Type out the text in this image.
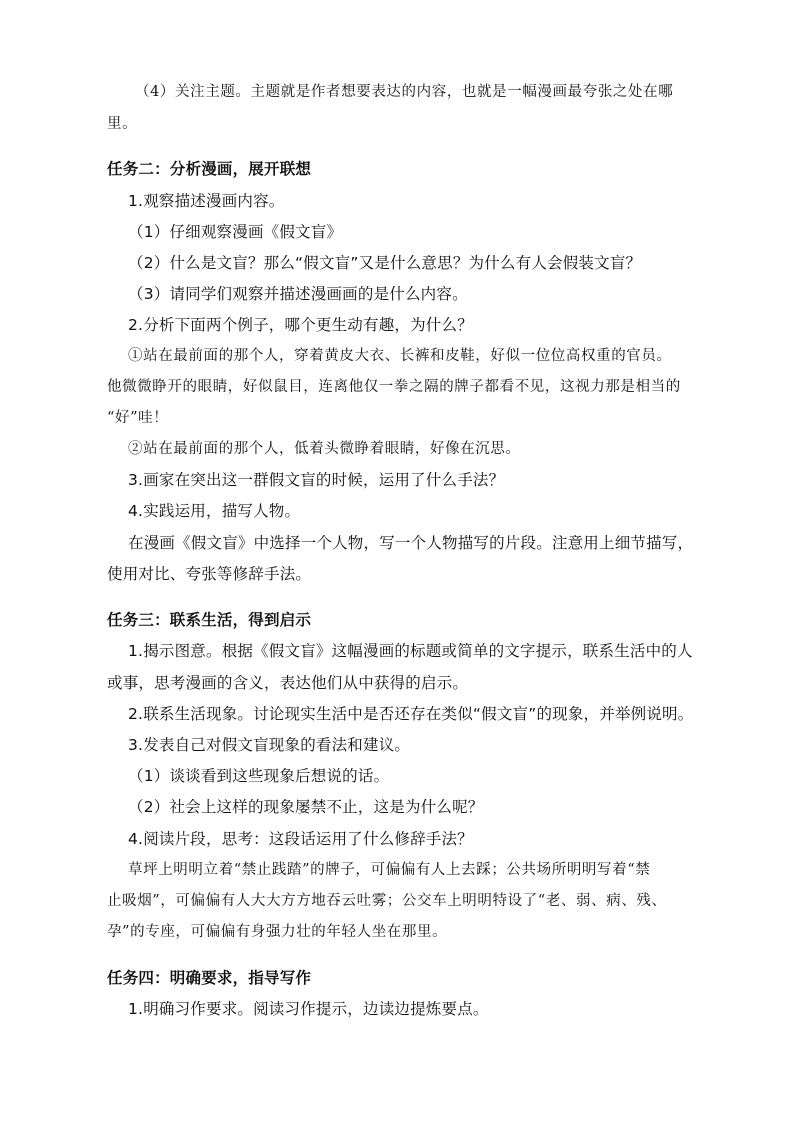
（4）关注主题。主题就是作者想要表达的内容，也就是一幅漫画最夸张之处在哪
里。
任务二：分析漫画，展开联想
1.观察描述漫画内容。
（1）仔细观察漫画《假文盲》
（2）什么是文盲？那么“假文盲”又是什么意思？为什么有人会假装文盲？
（3）请同学们观察并描述漫画画的是什么内容。
2.分析下面两个例子，哪个更生动有趣，为什么？
①站在最前面的那个人，穿着黄皮大衣、长裤和皮鞋，好似一位位高权重的官员。
他微微睁开的眼睛，好似鼠目，连离他仅一拳之隔的牌子都看不见，这视力那是相当的
“好”哇！
②站在最前面的那个人，低着头微睁着眼睛，好像在沉思。
3.画家在突出这一群假文盲的时候，运用了什么手法？
4.实践运用，描写人物。
在漫画《假文盲》中选择一个人物，写一个人物描写的片段。注意用上细节描写，
使用对比、夸张等修辞手法。
任务三：联系生活，得到启示
1.揭示图意。根据《假文盲》这幅漫画的标题或简单的文字提示，联系生活中的人
或事，思考漫画的含义，表达他们从中获得的启示。
2.联系生活现象。讨论现实生活中是否还存在类似“假文盲”的现象，并举例说明。
3.发表自己对假文盲现象的看法和建议。
（1）谈谈看到这些现象后想说的话。
（2）社会上这样的现象屡禁不止，这是为什么呢？
4.阅读片段，思考：这段话运用了什么修辞手法？
草坪上明明立着“禁止践踏”的牌子，可偏偏有人上去踩；公共场所明明写着“禁
止吸烟”，可偏偏有人大大方方地吞云吐雾；公交车上明明特设了“老、弱、病、残、
孕”的专座，可偏偏有身强力壮的年轻人坐在那里。
任务四：明确要求，指导写作
1.明确习作要求。阅读习作提示，边读边提炼要点。
